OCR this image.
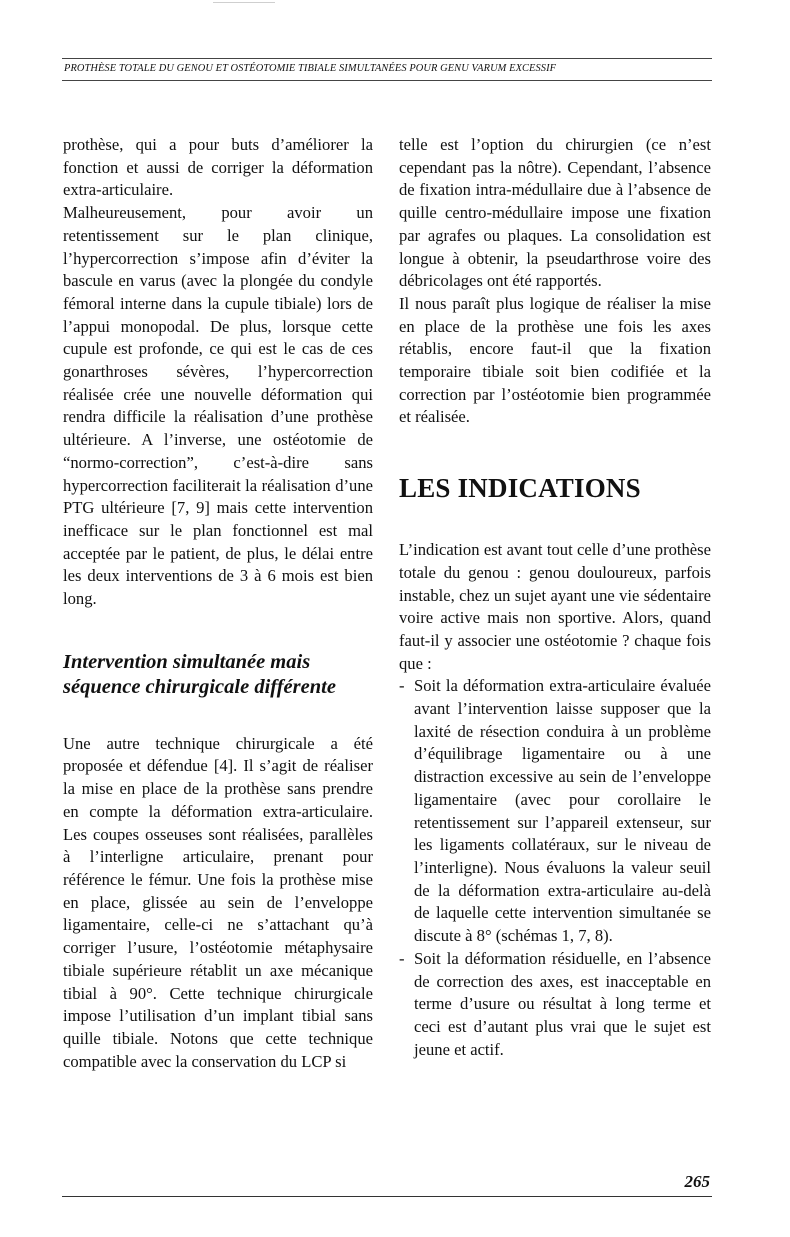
PROTHÈSE TOTALE DU GENOU ET OSTÉOTOMIE TIBIALE SIMULTANÉES POUR GENU VARUM EXCESSIF

prothèse, qui a pour buts d’améliorer la fonction et aussi de corriger la déformation extra-articulaire.

Malheureusement, pour avoir un retentissement sur le plan clinique, l’hypercorrection s’impose afin d’éviter la bascule en varus (avec la plongée du condyle fémoral interne dans la cupule tibiale) lors de l’appui monopodal. De plus, lorsque cette cupule est profonde, ce qui est le cas de ces gonarthroses sévères, l’hypercorrection réalisée crée une nouvelle déformation qui rendra difficile la réalisation d’une prothèse ultérieure. A l’inverse, une ostéotomie de “normo-correction”, c’est-à-dire sans hypercorrection faciliterait la réalisation d’une PTG ultérieure [7, 9] mais cette intervention inefficace sur le plan fonctionnel est mal acceptée par le patient, de plus, le délai entre les deux interventions de 3 à 6 mois est bien long.

Intervention simultanée mais séquence chirurgicale différente

Une autre technique chirurgicale a été proposée et défendue [4]. Il s’agit de réaliser la mise en place de la prothèse sans prendre en compte la déformation extra-articulaire. Les coupes osseuses sont réalisées, parallèles à l’interligne articulaire, prenant pour référence le fémur. Une fois la prothèse mise en place, glissée au sein de l’enveloppe ligamentaire, celle-ci ne s’attachant qu’à corriger l’usure, l’ostéotomie métaphysaire tibiale supérieure rétablit un axe mécanique tibial à 90°. Cette technique chirurgicale impose l’utilisation d’un implant tibial sans quille tibiale. Notons que cette technique compatible avec la conservation du LCP si

telle est l’option du chirurgien (ce n’est cependant pas la nôtre). Cependant, l’absence de fixation intra-médullaire due à l’absence de quille centro-médullaire impose une fixation par agrafes ou plaques. La consolidation est longue à obtenir, la pseudarthrose voire des débricolages ont été rapportés.

Il nous paraît plus logique de réaliser la mise en place de la prothèse une fois les axes rétablis, encore faut-il que la fixation temporaire tibiale soit bien codifiée et la correction par l’ostéotomie bien programmée et réalisée.

LES INDICATIONS

L’indication est avant tout celle d’une prothèse totale du genou : genou douloureux, parfois instable, chez un sujet ayant une vie sédentaire voire active mais non sportive. Alors, quand faut-il y associer une ostéotomie ? chaque fois que :

- Soit la déformation extra-articulaire évaluée avant l’intervention laisse supposer que la laxité de résection conduira à un problème d’équilibrage ligamentaire ou à une distraction excessive au sein de l’enveloppe ligamentaire (avec pour corollaire le retentissement sur l’appareil extenseur, sur les ligaments collatéraux, sur le niveau de l’interligne). Nous évaluons la valeur seuil de la déformation extra-articulaire au-delà de laquelle cette intervention simultanée se discute à 8° (schémas 1, 7, 8).
- Soit la déformation résiduelle, en l’absence de correction des axes, est inacceptable en terme d’usure ou résultat à long terme et ceci est d’autant plus vrai que le sujet est jeune et actif.
265
